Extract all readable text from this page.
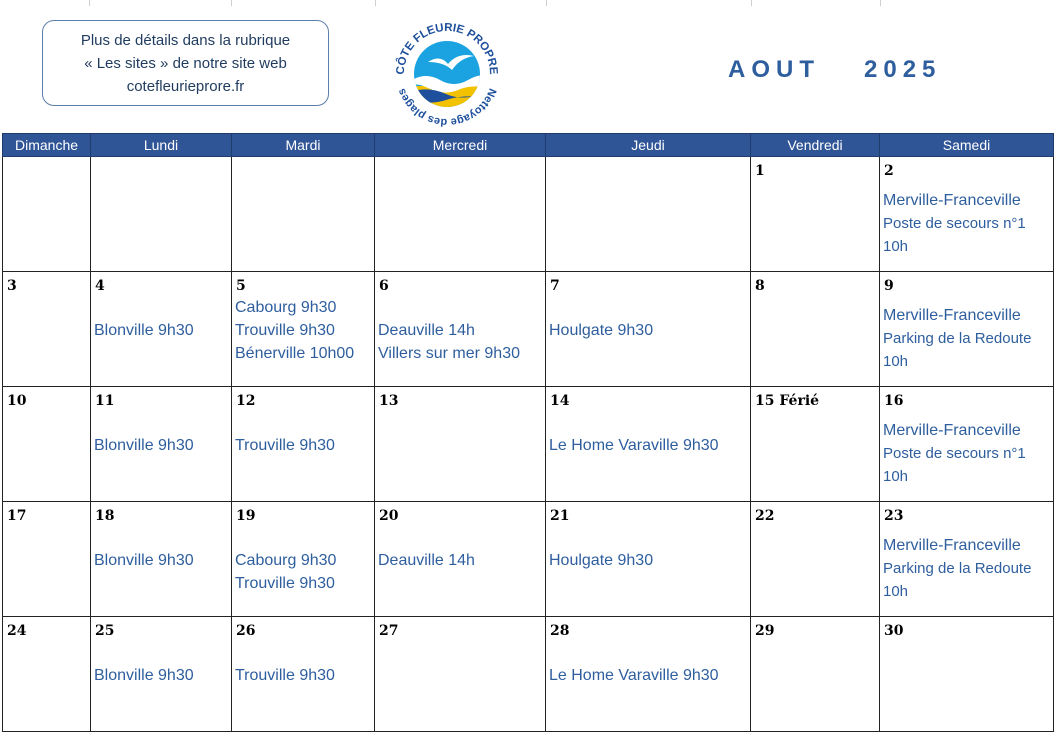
Plus de détails dans la rubrique
« Les sites » de notre site web
cotefleurieprore.fr
CÔTE FLEURIE PROPRE
Nettoyage des plages
AOUT 2025
Dimanche	Lundi	Mardi	Mercredi	Jeudi	Vendredi	Samedi

					1	2
Merville-Franceville
Poste de secours n°1
10h

3	4
Blonville 9h30	5
Cabourg 9h30
Trouville 9h30
Bénerville 10h00	6
Deauville 14h
Villers sur mer 9h30	7
Houlgate 9h30	8	9
Merville-Franceville
Parking de la Redoute
10h

10	11
Blonville 9h30	12
Trouville 9h30	13	14
Le Home Varaville 9h30	15 Férié	16
Merville-Franceville
Poste de secours n°1
10h

17	18
Blonville 9h30	19
Cabourg 9h30
Trouville 9h30	20
Deauville 14h	21
Houlgate 9h30	22	23
Merville-Franceville
Parking de la Redoute
10h

24	25
Blonville 9h30	26
Trouville 9h30	27	28
Le Home Varaville 9h30	29	30
